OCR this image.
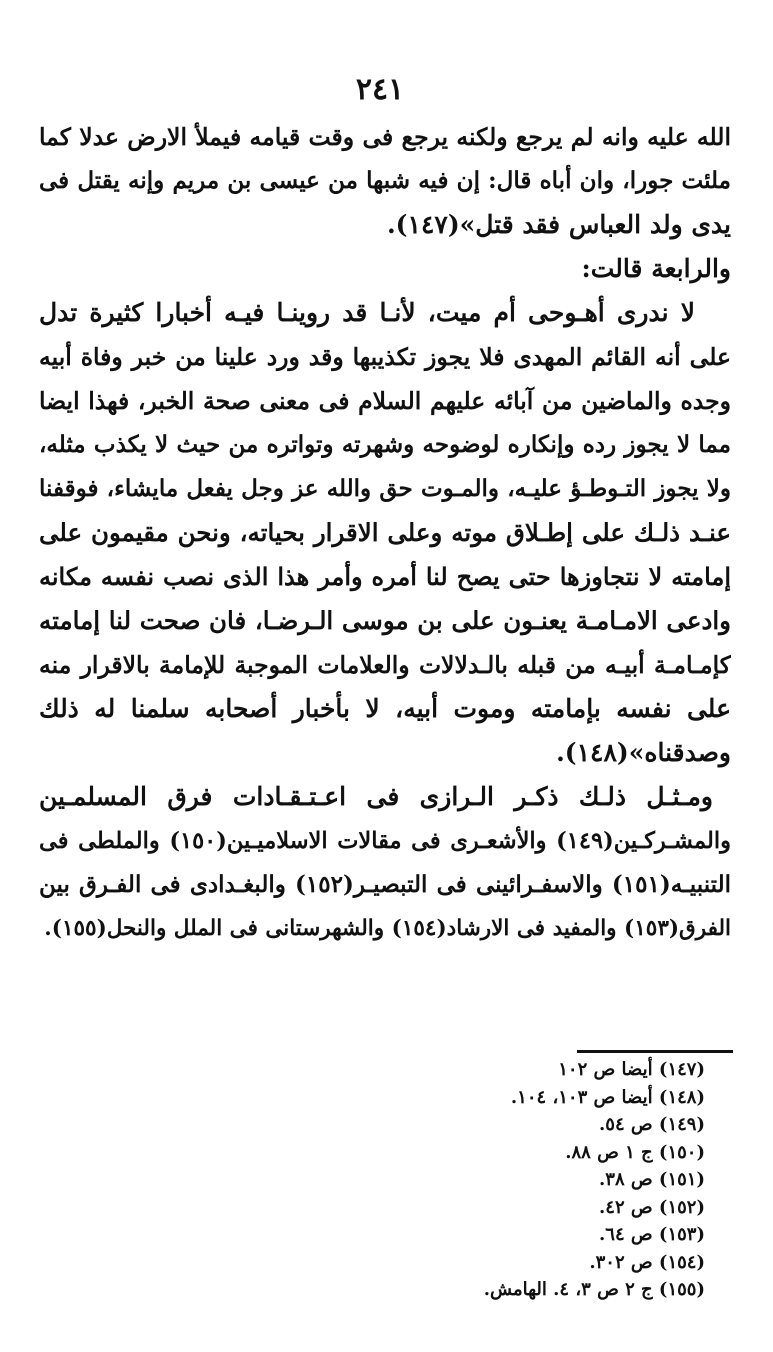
٢٤١
الله عليه وانه لم يرجع ولكنه يرجع فى وقت قيامه فيملأ الارض عدلا كما
ملئت جورا، وان أباه قال: إن فيه شبها من عيسى بن مريم وإنه يقتل فى
يدى ولد العباس فقد قتل»(١٤٧).
والرابعة قالت:
لا ندرى أهـوحى أم ميت، لأنـا قد روينـا فيـه أخبارا كثيرة تدل
على أنه القائم المهدى فلا يجوز تكذيبها وقد ورد علينا من خبر وفاة أبيه
وجده والماضين من آبائه عليهم السلام فى معنى صحة الخبر، فهذا ايضا
مما لا يجوز رده وإنكاره لوضوحه وشهرته وتواتره من حيث لا يكذب مثله،
ولا يجوز التـوطـؤ عليـه، والمـوت حق والله عز وجل يفعل مايشاء، فوقفنا
عنـد ذلـك على إطـلاق موته وعلى الاقرار بحياته، ونحن مقيمون على
إمامته لا نتجاوزها حتى يصح لنا أمره وأمر هذا الذى نصب نفسه مكانه
وادعى الامـامـة يعنـون على بن موسى الـرضـا، فان صحت لنا إمامته
كإمـامـة أبيـه من قبله بالـدلالات والعلامات الموجبة للإمامة بالاقرار منه
على نفسه بإمامته وموت أبيه، لا بأخبار أصحابه سلمنا له ذلك
وصدقناه»(١٤٨).
ومـثـل ذلـك ذكـر الـرازى فى اعـتـقـادات فرق المسلمـين
والمشـركـين(١٤٩) والأشعـرى فى مقالات الاسلاميـين(١٥٠) والملطى فى
التنبيـه(١٥١) والاسفـرائينى فى التبصيـر(١٥٢) والبغـدادى فى الفـرق بين
الفرق(١٥٣) والمفيد فى الارشاد(١٥٤) والشهرستانى فى الملل والنحل(١٥٥).
(١٤٧) أيضا ص ١٠٢
(١٤٨) أيضا ص ١٠٣، ١٠٤.
(١٤٩) ص ٥٤.
(١٥٠) ج ١ ص ٨٨.
(١٥١) ص ٣٨.
(١٥٢) ص ٤٢.
(١٥٣) ص ٦٤.
(١٥٤) ص ٣٠٢.
(١٥٥) ج ٢ ص ٣، ٤. الهامش.
